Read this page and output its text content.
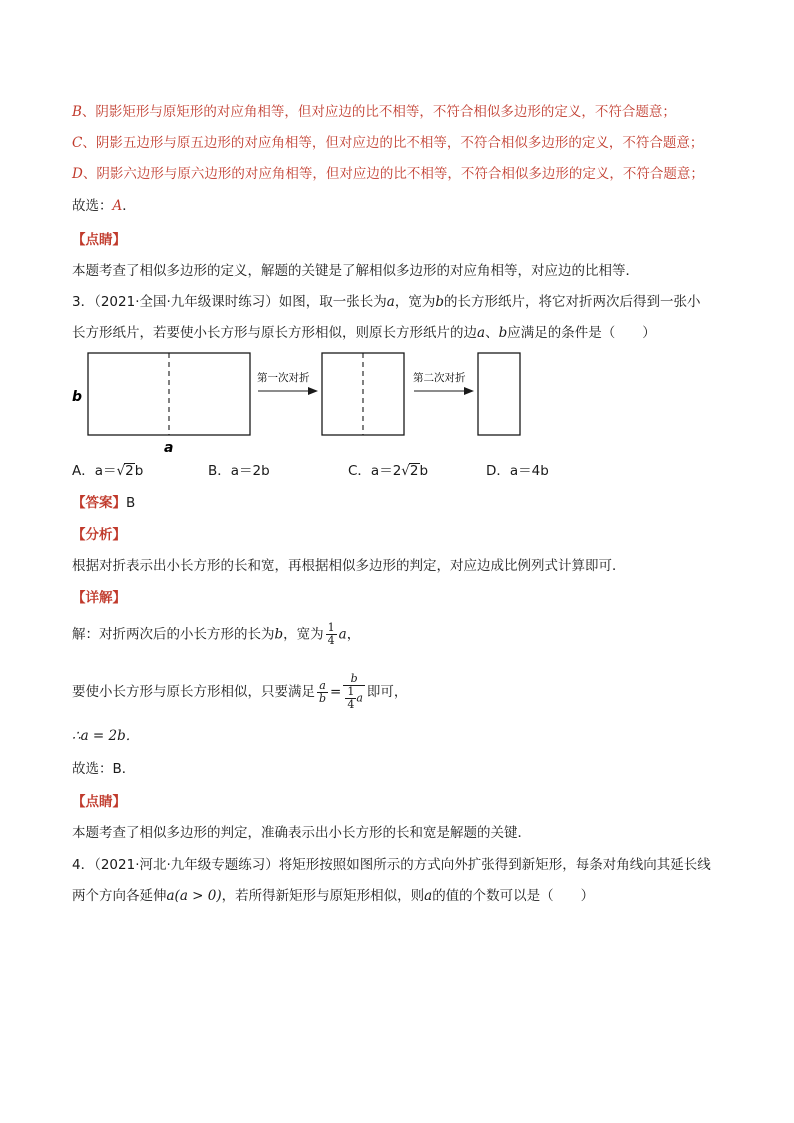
B、阴影矩形与原矩形的对应角相等，但对应边的比不相等，不符合相似多边形的定义，不符合题意；
C、阴影五边形与原五边形的对应角相等，但对应边的比不相等，不符合相似多边形的定义，不符合题意；
D、阴影六边形与原六边形的对应角相等，但对应边的比不相等，不符合相似多边形的定义，不符合题意；
故选：A．
【点睛】
本题考查了相似多边形的定义，解题的关键是了解相似多边形的对应角相等，对应边的比相等．
3．（2021·全国·九年级课时练习）如图，取一张长为a，宽为b的长方形纸片，将它对折两次后得到一张小
长方形纸片，若要使小长方形与原长方形相似，则原长方形纸片的边a、b应满足的条件是（　　）
b
a
第一次对折	第二次对折
A．a＝√2b	B．a＝2b	C．a＝2√2b	D．a＝4b
【答案】B
【分析】
根据对折表示出小长方形的长和宽，再根据相似多边形的判定，对应边成比例列式计算即可．
【详解】
解：对折两次后的小长方形的长为b，宽为 $\frac{1}{4}$ a，
要使小长方形与原长方形相似，只要满足 $\frac{a}{b} = \frac{b}{\frac{1}{4} a}$ 即可，
∴a = 2b．
故选：B．
【点睛】
本题考查了相似多边形的判定，准确表示出小长方形的长和宽是解题的关键．
4．（2021·河北·九年级专题练习）将矩形按照如图所示的方式向外扩张得到新矩形，每条对角线向其延长线
两个方向各延伸a(a > 0)，若所得新矩形与原矩形相似，则a的值的个数可以是（　　）
